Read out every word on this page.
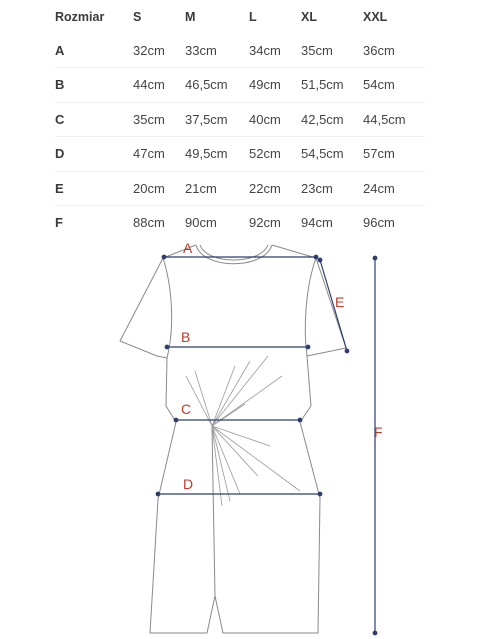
Rozmiar	S	M	L	XL	XXL
A	32cm	33cm	34cm	35cm	36cm
B	44cm	46,5cm	49cm	51,5cm	54cm
C	35cm	37,5cm	40cm	42,5cm	44,5cm
D	47cm	49,5cm	52cm	54,5cm	57cm
E	20cm	21cm	22cm	23cm	24cm
F	88cm	90cm	92cm	94cm	96cm
A
B
C
D
E
F
